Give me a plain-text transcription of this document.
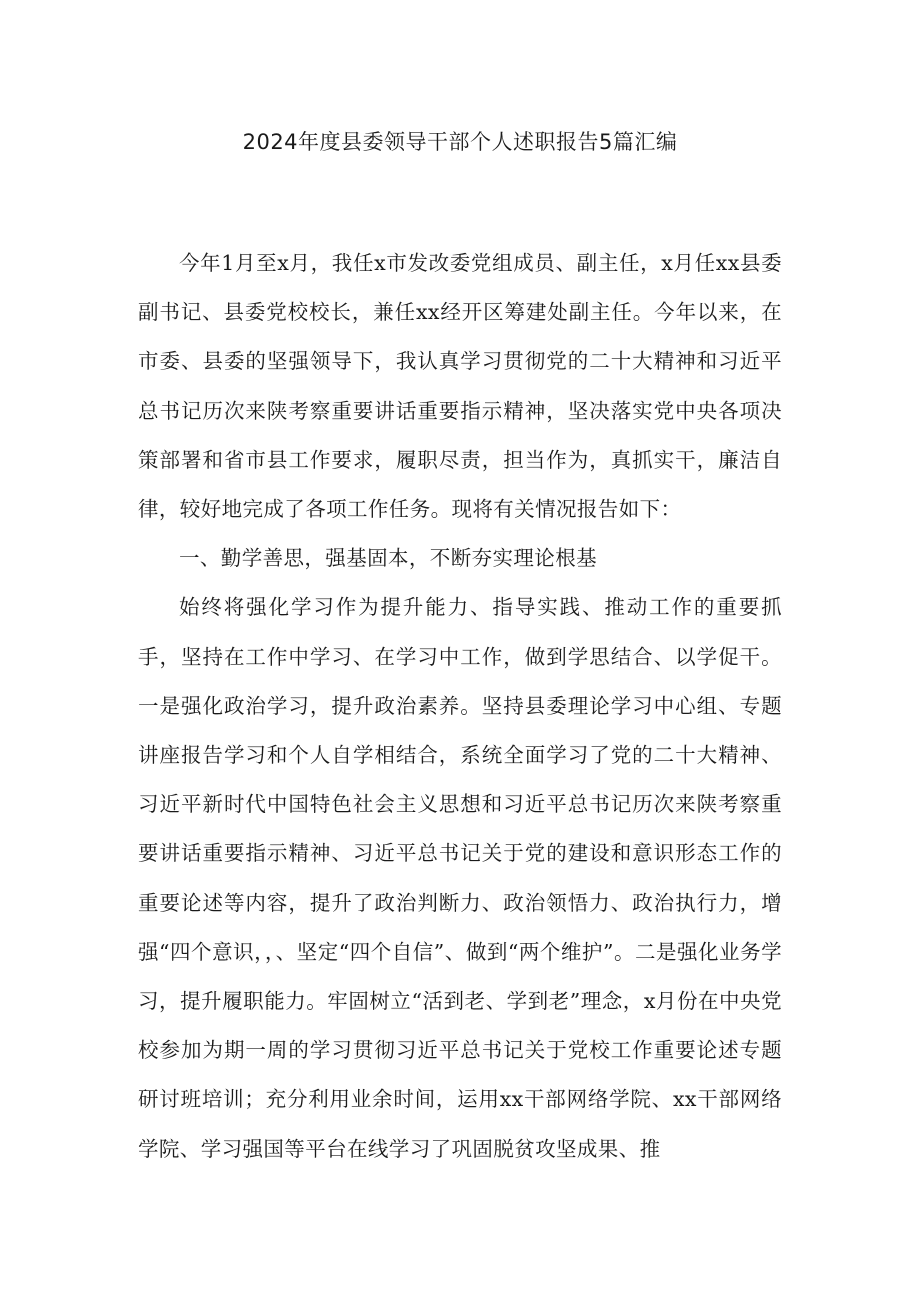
2024年度县委领导干部个人述职报告5篇汇编

今年1月至x月，我任x市发改委党组成员、副主任，x月任xx县委副书记、县委党校校长，兼任xx经开区筹建处副主任。今年以来，在市委、县委的坚强领导下，我认真学习贯彻党的二十大精神和习近平总书记历次来陕考察重要讲话重要指示精神，坚决落实党中央各项决策部署和省市县工作要求，履职尽责，担当作为，真抓实干，廉洁自律，较好地完成了各项工作任务。现将有关情况报告如下：

一、勤学善思，强基固本，不断夯实理论根基

始终将强化学习作为提升能力、指导实践、推动工作的重要抓手，坚持在工作中学习、在学习中工作，做到学思结合、以学促干。一是强化政治学习，提升政治素养。坚持县委理论学习中心组、专题讲座报告学习和个人自学相结合，系统全面学习了党的二十大精神、习近平新时代中国特色社会主义思想和习近平总书记历次来陕考察重要讲话重要指示精神、习近平总书记关于党的建设和意识形态工作的重要论述等内容，提升了政治判断力、政治领悟力、政治执行力，增强“四个意识，，、坚定“四个自信”、做到“两个维护”。二是强化业务学习，提升履职能力。牢固树立“活到老、学到老”理念，x月份在中央党校参加为期一周的学习贯彻习近平总书记关于党校工作重要论述专题研讨班培训；充分利用业余时间，运用xx干部网络学院、xx干部网络学院、学习强国等平台在线学习了巩固脱贫攻坚成果、推
